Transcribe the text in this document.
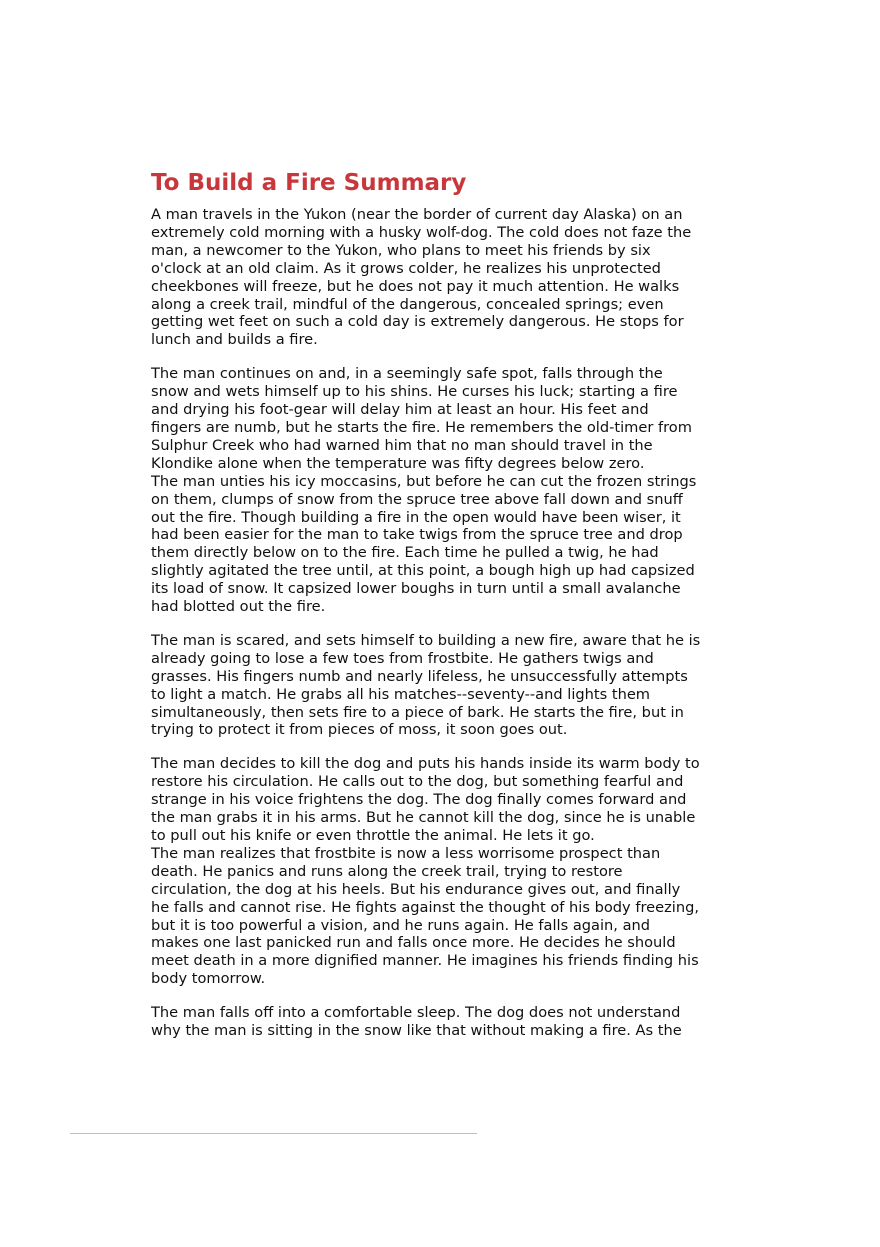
To Build a Fire Summary

A man travels in the Yukon (near the border of current day Alaska) on an
extremely cold morning with a husky wolf-dog. The cold does not faze the
man, a newcomer to the Yukon, who plans to meet his friends by six
o'clock at an old claim. As it grows colder, he realizes his unprotected
cheekbones will freeze, but he does not pay it much attention. He walks
along a creek trail, mindful of the dangerous, concealed springs; even
getting wet feet on such a cold day is extremely dangerous. He stops for
lunch and builds a fire.

The man continues on and, in a seemingly safe spot, falls through the
snow and wets himself up to his shins. He curses his luck; starting a fire
and drying his foot-gear will delay him at least an hour. His feet and
fingers are numb, but he starts the fire. He remembers the old-timer from
Sulphur Creek who had warned him that no man should travel in the
Klondike alone when the temperature was fifty degrees below zero.
The man unties his icy moccasins, but before he can cut the frozen strings
on them, clumps of snow from the spruce tree above fall down and snuff
out the fire. Though building a fire in the open would have been wiser, it
had been easier for the man to take twigs from the spruce tree and drop
them directly below on to the fire. Each time he pulled a twig, he had
slightly agitated the tree until, at this point, a bough high up had capsized
its load of snow. It capsized lower boughs in turn until a small avalanche
had blotted out the fire.

The man is scared, and sets himself to building a new fire, aware that he is
already going to lose a few toes from frostbite. He gathers twigs and
grasses. His fingers numb and nearly lifeless, he unsuccessfully attempts
to light a match. He grabs all his matches--seventy--and lights them
simultaneously, then sets fire to a piece of bark. He starts the fire, but in
trying to protect it from pieces of moss, it soon goes out.

The man decides to kill the dog and puts his hands inside its warm body to
restore his circulation. He calls out to the dog, but something fearful and
strange in his voice frightens the dog. The dog finally comes forward and
the man grabs it in his arms. But he cannot kill the dog, since he is unable
to pull out his knife or even throttle the animal. He lets it go.
The man realizes that frostbite is now a less worrisome prospect than
death. He panics and runs along the creek trail, trying to restore
circulation, the dog at his heels. But his endurance gives out, and finally
he falls and cannot rise. He fights against the thought of his body freezing,
but it is too powerful a vision, and he runs again. He falls again, and
makes one last panicked run and falls once more. He decides he should
meet death in a more dignified manner. He imagines his friends finding his
body tomorrow.

The man falls off into a comfortable sleep. The dog does not understand
why the man is sitting in the snow like that without making a fire. As the
